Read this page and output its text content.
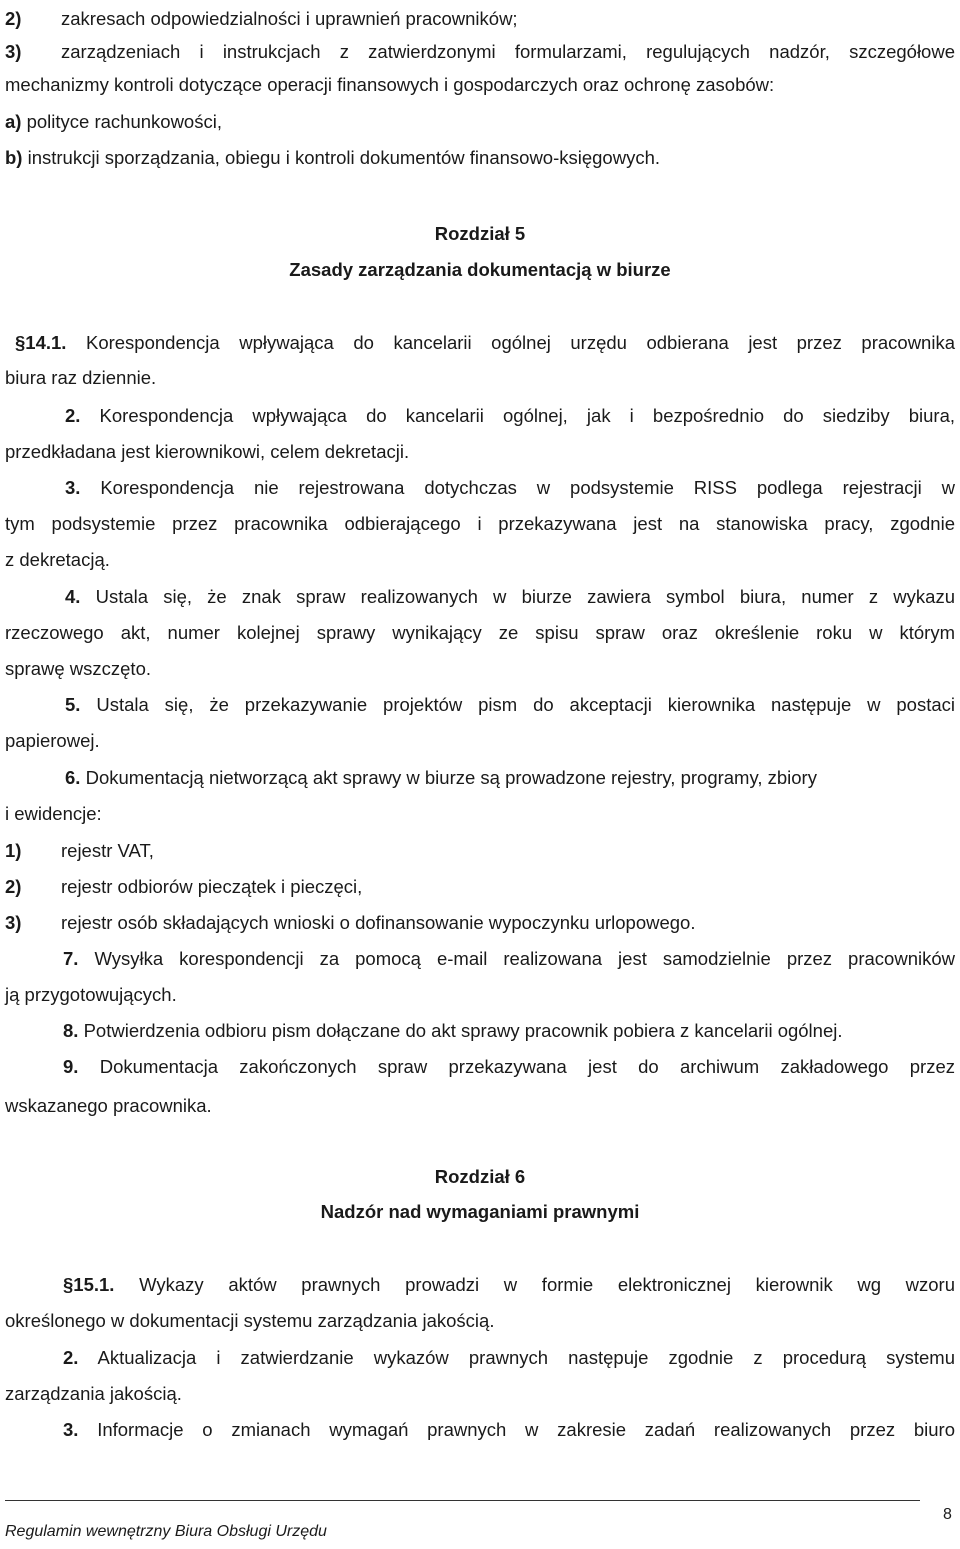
2) zakresach odpowiedzialności i uprawnień pracowników;
3) zarządzeniach i instrukcjach z zatwierdzonymi formularzami, regulujących nadzór, szczegółowe
mechanizmy kontroli dotyczące operacji finansowych i gospodarczych oraz ochronę zasobów:
a) polityce rachunkowości,
b) instrukcji sporządzania, obiegu i kontroli dokumentów finansowo-księgowych.
Rozdział 5
Zasady zarządzania dokumentacją w biurze
§14.1. Korespondencja wpływająca do kancelarii ogólnej urzędu odbierana jest przez pracownika
biura raz dziennie.
2. Korespondencja wpływająca do kancelarii ogólnej, jak i bezpośrednio do siedziby biura,
przedkładana jest kierownikowi, celem dekretacji.
3. Korespondencja nie rejestrowana dotychczas w podsystemie RISS podlega rejestracji w
tym podsystemie przez pracownika odbierającego i przekazywana jest na stanowiska pracy, zgodnie
z dekretacją.
4. Ustala się, że znak spraw realizowanych w biurze zawiera symbol biura, numer z wykazu
rzeczowego akt, numer kolejnej sprawy wynikający ze spisu spraw oraz określenie roku w którym
sprawę wszczęto.
5. Ustala się, że przekazywanie projektów pism do akceptacji kierownika następuje w postaci
papierowej.
6. Dokumentacją nietworzącą akt sprawy w biurze są prowadzone rejestry, programy, zbiory
i ewidencje:
1) rejestr VAT,
2) rejestr odbiorów pieczątek i pieczęci,
3) rejestr osób składających wnioski o dofinansowanie wypoczynku urlopowego.
7. Wysyłka korespondencji za pomocą e-mail realizowana jest samodzielnie przez pracowników
ją przygotowujących.
8. Potwierdzenia odbioru pism dołączane do akt sprawy pracownik pobiera z kancelarii ogólnej.
9. Dokumentacja zakończonych spraw przekazywana jest do archiwum zakładowego przez
wskazanego pracownika.
Rozdział 6
Nadzór nad wymaganiami prawnymi
§15.1. Wykazy aktów prawnych prowadzi w formie elektronicznej kierownik wg wzoru
określonego w dokumentacji systemu zarządzania jakością.
2. Aktualizacja i zatwierdzanie wykazów prawnych następuje zgodnie z procedurą systemu
zarządzania jakością.
3. Informacje o zmianach wymagań prawnych w zakresie zadań realizowanych przez biuro
Regulamin wewnętrzny Biura Obsługi Urzędu
8
